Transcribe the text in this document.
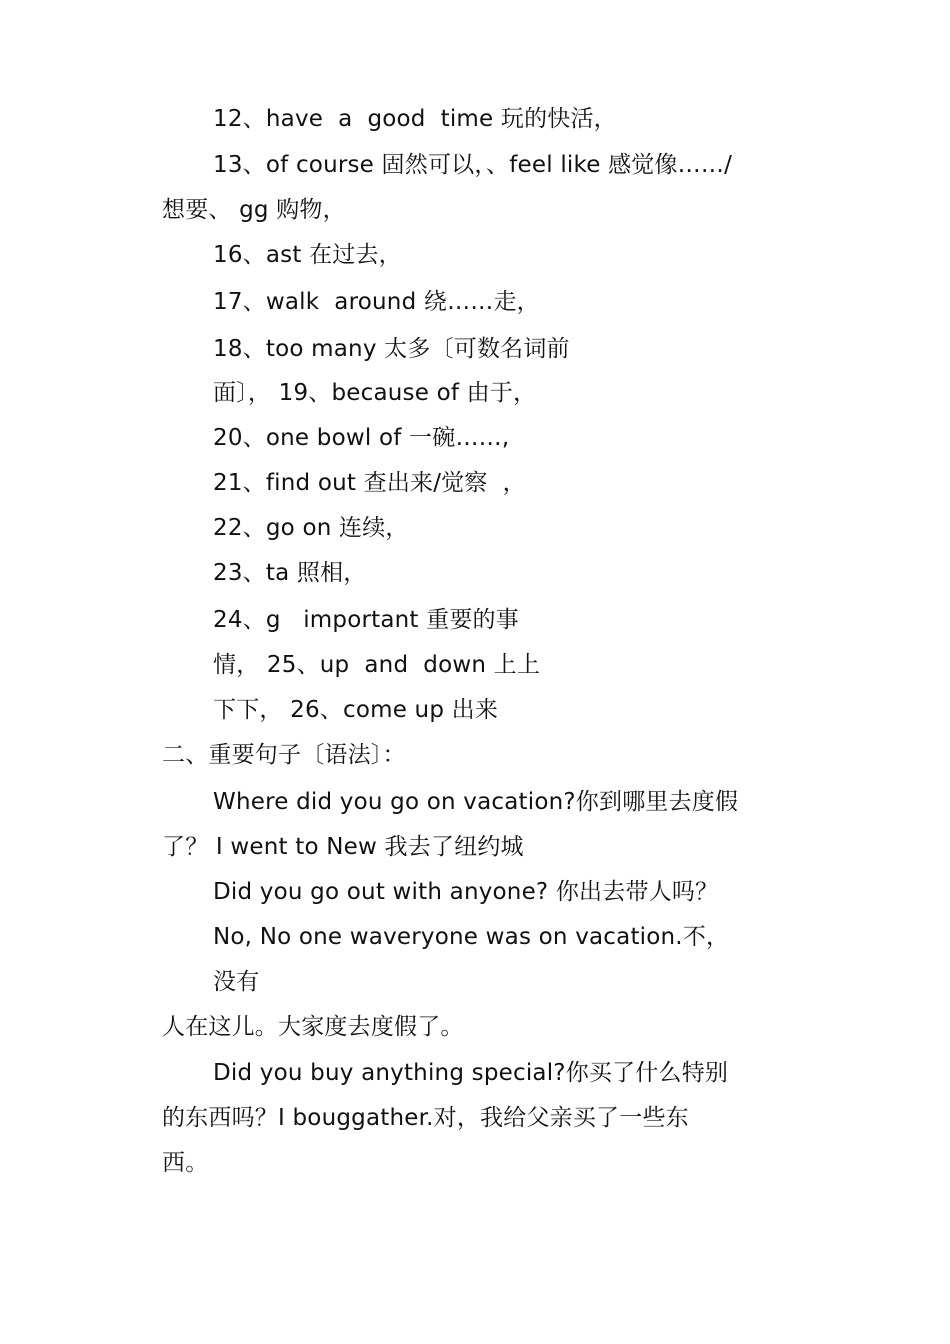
12、have  a  good  time 玩的快活，
13、of course 固然可以，、feel like 感觉像……/
想要、 gg 购物，
16、ast 在过去，
17、walk  around 绕……走，
18、too many 太多〔可数名词前
面〕， 19、because of 由于，
20、one bowl of 一碗……,
21、find out 查出来/觉察  ，
22、go on 连续，
23、ta 照相，
24、g   important 重要的事
情， 25、up  and  down 上上
下下， 26、come up 出来
二、重要句子〔语法〕：
Where did you go on vacation?你到哪里去度假
了？ I went to New 我去了纽约城
Did you go out with anyone? 你出去带人吗？
No, No one waveryone was on vacation.不，
没有
人在这儿。大家度去度假了。
Did you buy anything special?你买了什么特别
的东西吗？I bouggather.对，我给父亲买了一些东
西。
